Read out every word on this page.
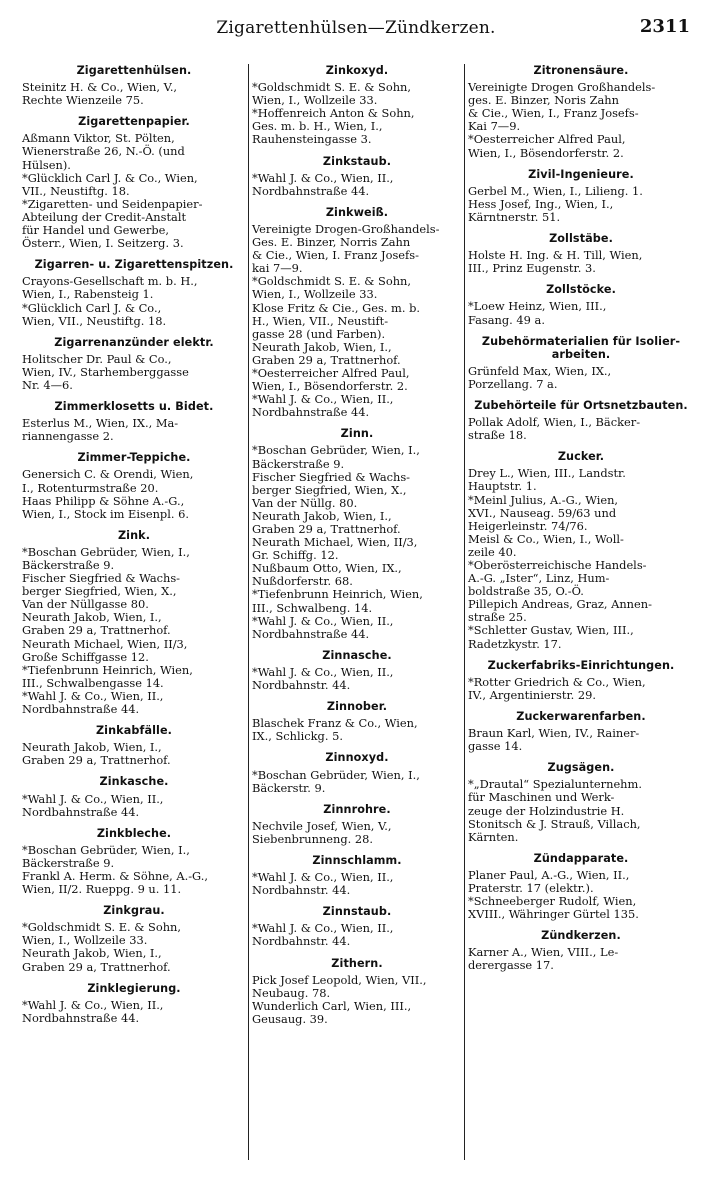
Zigarettenhülsen—Zündkerzen.	2311
Zigarettenhülsen.
Steinitz H. & Co., Wien, V.,
Rechte Wienzeile 75.
Zigarettenpapier.
Aßmann Viktor, St. Pölten,
Wienerstraße 26, N.-Ö. (und
Hülsen).
*Glücklich Carl J. & Co., Wien,
VII., Neustiftg. 18.
*Zigaretten- und Seidenpapier-
Abteilung der Credit-Anstalt
für Handel und Gewerbe,
Österr., Wien, I. Seitzerg. 3.
Zigarren- u. Zigarettenspitzen.
Crayons-Gesellschaft m. b. H.,
Wien, I., Rabensteig 1.
*Glücklich Carl J. & Co.,
Wien, VII., Neustiftg. 18.
Zigarrenanzünder elektr.
Holitscher Dr. Paul & Co.,
Wien, IV., Starhemberggasse
Nr. 4—6.
Zimmerklosetts u. Bidet.
Esterlus M., Wien, IX., Ma-
riannengasse 2.
Zimmer-Teppiche.
Genersich C. & Orendi, Wien,
I., Rotenturmstraße 20.
Haas Philipp & Söhne A.-G.,
Wien, I., Stock im Eisenpl. 6.
Zink.
*Boschan Gebrüder, Wien, I.,
Bäckerstraße 9.
Fischer Siegfried & Wachs-
berger Siegfried, Wien, X.,
Van der Nüllgasse 80.
Neurath Jakob, Wien, I.,
Graben 29 a, Trattnerhof.
Neurath Michael, Wien, II/3,
Große Schiffgasse 12.
*Tiefenbrunn Heinrich, Wien,
III., Schwalbengasse 14.
*Wahl J. & Co., Wien, II.,
Nordbahnstraße 44.
Zinkabfälle.
Neurath Jakob, Wien, I.,
Graben 29 a, Trattnerhof.
Zinkasche.
*Wahl J. & Co., Wien, II.,
Nordbahnstraße 44.
Zinkbleche.
*Boschan Gebrüder, Wien, I.,
Bäckerstraße 9.
Frankl A. Herm. & Söhne, A.-G.,
Wien, II/2. Rueppg. 9 u. 11.
Zinkgrau.
*Goldschmidt S. E. & Sohn,
Wien, I., Wollzeile 33.
Neurath Jakob, Wien, I.,
Graben 29 a, Trattnerhof.
Zinklegierung.
*Wahl J. & Co., Wien, II.,
Nordbahnstraße 44.
Zinkoxyd.
*Goldschmidt S. E. & Sohn,
Wien, I., Wollzeile 33.
*Hoffenreich Anton & Sohn,
Ges. m. b. H., Wien, I.,
Rauhensteingasse 3.
Zinkstaub.
*Wahl J. & Co., Wien, II.,
Nordbahnstraße 44.
Zinkweiß.
Vereinigte Drogen-Großhandels-
Ges. E. Binzer, Norris Zahn
& Cie., Wien, I. Franz Josefs-
kai 7—9.
*Goldschmidt S. E. & Sohn,
Wien, I., Wollzeile 33.
Klose Fritz & Cie., Ges. m. b.
H., Wien, VII., Neustift-
gasse 28 (und Farben).
Neurath Jakob, Wien, I.,
Graben 29 a, Trattnerhof.
*Oesterreicher Alfred Paul,
Wien, I., Bösendorferstr. 2.
*Wahl J. & Co., Wien, II.,
Nordbahnstraße 44.
Zinn.
*Boschan Gebrüder, Wien, I.,
Bäckerstraße 9.
Fischer Siegfried & Wachs-
berger Siegfried, Wien, X.,
Van der Nüllg. 80.
Neurath Jakob, Wien, I.,
Graben 29 a, Trattnerhof.
Neurath Michael, Wien, II/3,
Gr. Schiffg. 12.
Nußbaum Otto, Wien, IX.,
Nußdorferstr. 68.
*Tiefenbrunn Heinrich, Wien,
III., Schwalbeng. 14.
*Wahl J. & Co., Wien, II.,
Nordbahnstraße 44.
Zinnasche.
*Wahl J. & Co., Wien, II.,
Nordbahnstr. 44.
Zinnober.
Blaschek Franz & Co., Wien,
IX., Schlickg. 5.
Zinnoxyd.
*Boschan Gebrüder, Wien, I.,
Bäckerstr. 9.
Zinnrohre.
Nechvile Josef, Wien, V.,
Siebenbrunneng. 28.
Zinnschlamm.
*Wahl J. & Co., Wien, II.,
Nordbahnstr. 44.
Zinnstaub.
*Wahl J. & Co., Wien, II.,
Nordbahnstr. 44.
Zithern.
Pick Josef Leopold, Wien, VII.,
Neubaug. 78.
Wunderlich Carl, Wien, III.,
Geusaug. 39.
Zitronensäure.
Vereinigte Drogen Großhandels-
ges. E. Binzer, Noris Zahn
& Cie., Wien, I., Franz Josefs-
Kai 7—9.
*Oesterreicher Alfred Paul,
Wien, I., Bösendorferstr. 2.
Zivil-Ingenieure.
Gerbel M., Wien, I., Lilieng. 1.
Hess Josef, Ing., Wien, I.,
Kärntnerstr. 51.
Zollstäbe.
Holste H. Ing. & H. Till, Wien,
III., Prinz Eugenstr. 3.
Zollstöcke.
*Loew Heinz, Wien, III.,
Fasang. 49 a.
Zubehörmaterialien für Isolier-arbeiten.
Grünfeld Max, Wien, IX.,
Porzellang. 7 a.
Zubehörteile für Ortsnetzbauten.
Pollak Adolf, Wien, I., Bäcker-
straße 18.
Zucker.
Drey L., Wien, III., Landstr.
Hauptstr. 1.
*Meinl Julius, A.-G., Wien,
XVI., Nauseag. 59/63 und
Heigerleinstr. 74/76.
Meisl & Co., Wien, I., Woll-
zeile 40.
*Oberösterreichische Handels-
A.-G. „Ister“, Linz, Hum-
boldstraße 35, O.-Ö.
Pillepich Andreas, Graz, Annen-
straße 25.
*Schletter Gustav, Wien, III.,
Radetzkystr. 17.
Zuckerfabriks-Einrichtungen.
*Rotter Griedrich & Co., Wien,
IV., Argentinierstr. 29.
Zuckerwarenfarben.
Braun Karl, Wien, IV., Rainer-
gasse 14.
Zugsägen.
*„Drautal“ Spezialunternehm.
für Maschinen und Werk-
zeuge der Holzindustrie H.
Stonitsch & J. Strauß, Villach,
Kärnten.
Zündapparate.
Planer Paul, A.-G., Wien, II.,
Praterstr. 17 (elektr.).
*Schneeberger Rudolf, Wien,
XVIII., Währinger Gürtel 135.
Zündkerzen.
Karner A., Wien, VIII., Le-
derergasse 17.
